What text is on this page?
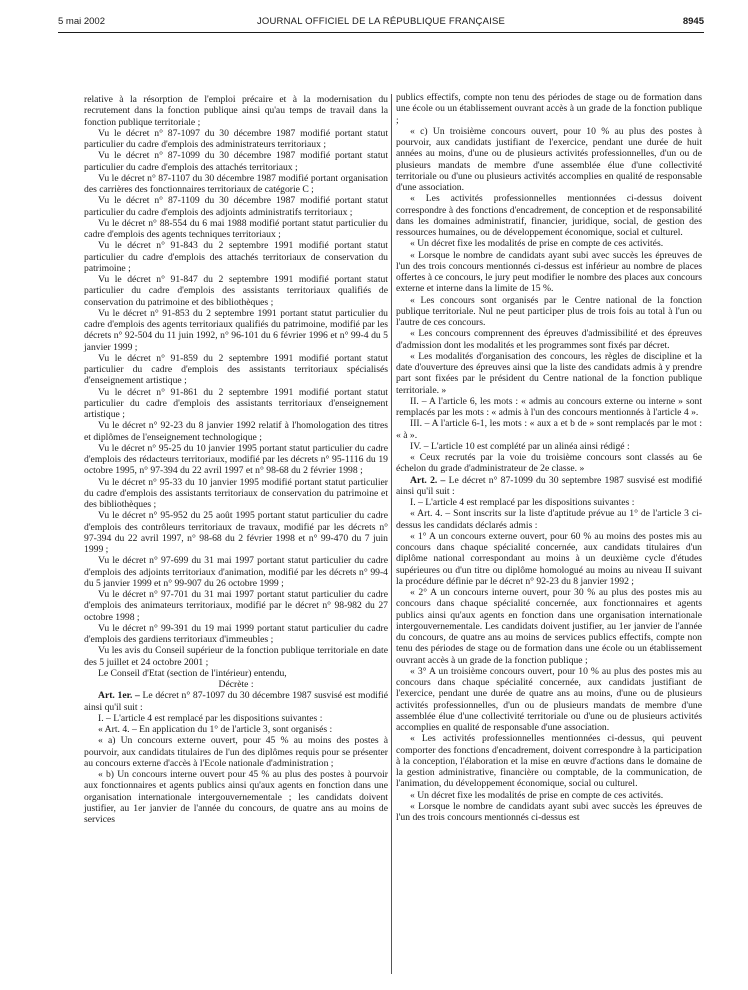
5 mai 2002	JOURNAL OFFICIEL DE LA RÉPUBLIQUE FRANÇAISE	8945

relative à la résorption de l'emploi précaire et à la modernisation du recrutement dans la fonction publique ainsi qu'au temps de travail dans la fonction publique territoriale ;

Vu le décret n° 87-1097 du 30 décembre 1987 modifié portant statut particulier du cadre d'emplois des administrateurs territoriaux ;

Vu le décret n° 87-1099 du 30 décembre 1987 modifié portant statut particulier du cadre d'emplois des attachés territoriaux ;

Vu le décret n° 87-1107 du 30 décembre 1987 modifié portant organisation des carrières des fonctionnaires territoriaux de catégorie C ;

Vu le décret n° 87-1109 du 30 décembre 1987 modifié portant statut particulier du cadre d'emplois des adjoints administratifs territoriaux ;

Vu le décret n° 88-554 du 6 mai 1988 modifié portant statut particulier du cadre d'emplois des agents techniques territoriaux ;

Vu le décret n° 91-843 du 2 septembre 1991 modifié portant statut particulier du cadre d'emplois des attachés territoriaux de conservation du patrimoine ;

Vu le décret n° 91-847 du 2 septembre 1991 modifié portant statut particulier du cadre d'emplois des assistants territoriaux qualifiés de conservation du patrimoine et des bibliothèques ;

Vu le décret n° 91-853 du 2 septembre 1991 portant statut particulier du cadre d'emplois des agents territoriaux qualifiés du patrimoine, modifié par les décrets n° 92-504 du 11 juin 1992, n° 96-101 du 6 février 1996 et n° 99-4 du 5 janvier 1999 ;

Vu le décret n° 91-859 du 2 septembre 1991 modifié portant statut particulier du cadre d'emplois des assistants territoriaux spécialisés d'enseignement artistique ;

Vu le décret n° 91-861 du 2 septembre 1991 modifié portant statut particulier du cadre d'emplois des assistants territoriaux d'enseignement artistique ;

Vu le décret n° 92-23 du 8 janvier 1992 relatif à l'homologation des titres et diplômes de l'enseignement technologique ;

Vu le décret n° 95-25 du 10 janvier 1995 portant statut particulier du cadre d'emplois des rédacteurs territoriaux, modifié par les décrets n° 95-1116 du 19 octobre 1995, n° 97-394 du 22 avril 1997 et n° 98-68 du 2 février 1998 ;

Vu le décret n° 95-33 du 10 janvier 1995 modifié portant statut particulier du cadre d'emplois des assistants territoriaux de conservation du patrimoine et des bibliothèques ;

Vu le décret n° 95-952 du 25 août 1995 portant statut particulier du cadre d'emplois des contrôleurs territoriaux de travaux, modifié par les décrets n° 97-394 du 22 avril 1997, n° 98-68 du 2 février 1998 et n° 99-470 du 7 juin 1999 ;

Vu le décret n° 97-699 du 31 mai 1997 portant statut particulier du cadre d'emplois des adjoints territoriaux d'animation, modifié par les décrets n° 99-4 du 5 janvier 1999 et n° 99-907 du 26 octobre 1999 ;

Vu le décret n° 97-701 du 31 mai 1997 portant statut particulier du cadre d'emplois des animateurs territoriaux, modifié par le décret n° 98-982 du 27 octobre 1998 ;

Vu le décret n° 99-391 du 19 mai 1999 portant statut particulier du cadre d'emplois des gardiens territoriaux d'immeubles ;

Vu les avis du Conseil supérieur de la fonction publique territoriale en date des 5 juillet et 24 octobre 2001 ;

Le Conseil d'Etat (section de l'intérieur) entendu,

Décrète :

Art. 1er. – Le décret n° 87-1097 du 30 décembre 1987 susvisé est modifié ainsi qu'il suit :

I. – L'article 4 est remplacé par les dispositions suivantes :

« Art. 4. – En application du 1° de l'article 3, sont organisés :

« a) Un concours externe ouvert, pour 45 % au moins des postes à pourvoir, aux candidats titulaires de l'un des diplômes requis pour se présenter au concours externe d'accès à l'Ecole nationale d'administration ;

« b) Un concours interne ouvert pour 45 % au plus des postes à pourvoir aux fonctionnaires et agents publics ainsi qu'aux agents en fonction dans une organisation internationale intergouvernementale ; les candidats doivent justifier, au 1er janvier de l'année du concours, de quatre ans au moins de services

publics effectifs, compte non tenu des périodes de stage ou de formation dans une école ou un établissement ouvrant accès à un grade de la fonction publique ;

« c) Un troisième concours ouvert, pour 10 % au plus des postes à pourvoir, aux candidats justifiant de l'exercice, pendant une durée de huit années au moins, d'une ou de plusieurs activités professionnelles, d'un ou de plusieurs mandats de membre d'une assemblée élue d'une collectivité territoriale ou d'une ou plusieurs activités accomplies en qualité de responsable d'une association.

« Les activités professionnelles mentionnées ci-dessus doivent correspondre à des fonctions d'encadrement, de conception et de responsabilité dans les domaines administratif, financier, juridique, social, de gestion des ressources humaines, ou de développement économique, social et culturel.

« Un décret fixe les modalités de prise en compte de ces activités.

« Lorsque le nombre de candidats ayant subi avec succès les épreuves de l'un des trois concours mentionnés ci-dessus est inférieur au nombre de places offertes à ce concours, le jury peut modifier le nombre des places aux concours externe et interne dans la limite de 15 %.

« Les concours sont organisés par le Centre national de la fonction publique territoriale. Nul ne peut participer plus de trois fois au total à l'un ou l'autre de ces concours.

« Les concours comprennent des épreuves d'admissibilité et des épreuves d'admission dont les modalités et les programmes sont fixés par décret.

« Les modalités d'organisation des concours, les règles de discipline et la date d'ouverture des épreuves ainsi que la liste des candidats admis à y prendre part sont fixées par le président du Centre national de la fonction publique territoriale. »

II. – A l'article 6, les mots : « admis au concours externe ou interne » sont remplacés par les mots : « admis à l'un des concours mentionnés à l'article 4 ».

III. – A l'article 6-1, les mots : « aux a et b de » sont remplacés par le mot : « à ».

IV. – L'article 10 est complété par un alinéa ainsi rédigé :

« Ceux recrutés par la voie du troisième concours sont classés au 6e échelon du grade d'administrateur de 2e classe. »

Art. 2. – Le décret n° 87-1099 du 30 septembre 1987 susvisé est modifié ainsi qu'il suit :

I. – L'article 4 est remplacé par les dispositions suivantes :

« Art. 4. – Sont inscrits sur la liste d'aptitude prévue au 1° de l'article 3 ci-dessus les candidats déclarés admis :

« 1° A un concours externe ouvert, pour 60 % au moins des postes mis au concours dans chaque spécialité concernée, aux candidats titulaires d'un diplôme national correspondant au moins à un deuxième cycle d'études supérieures ou d'un titre ou diplôme homologué au moins au niveau II suivant la procédure définie par le décret n° 92-23 du 8 janvier 1992 ;

« 2° A un concours interne ouvert, pour 30 % au plus des postes mis au concours dans chaque spécialité concernée, aux fonctionnaires et agents publics ainsi qu'aux agents en fonction dans une organisation internationale intergouvernementale. Les candidats doivent justifier, au 1er janvier de l'année du concours, de quatre ans au moins de services publics effectifs, compte non tenu des périodes de stage ou de formation dans une école ou un établissement ouvrant accès à un grade de la fonction publique ;

« 3° A un troisième concours ouvert, pour 10 % au plus des postes mis au concours dans chaque spécialité concernée, aux candidats justifiant de l'exercice, pendant une durée de quatre ans au moins, d'une ou de plusieurs activités professionnelles, d'un ou de plusieurs mandats de membre d'une assemblée élue d'une collectivité territoriale ou d'une ou de plusieurs activités accomplies en qualité de responsable d'une association.

« Les activités professionnelles mentionnées ci-dessus, qui peuvent comporter des fonctions d'encadrement, doivent correspondre à la participation à la conception, l'élaboration et la mise en œuvre d'actions dans le domaine de la gestion administrative, financière ou comptable, de la communication, de l'animation, du développement économique, social ou culturel.

« Un décret fixe les modalités de prise en compte de ces activités.

« Lorsque le nombre de candidats ayant subi avec succès les épreuves de l'un des trois concours mentionnés ci-dessus est
